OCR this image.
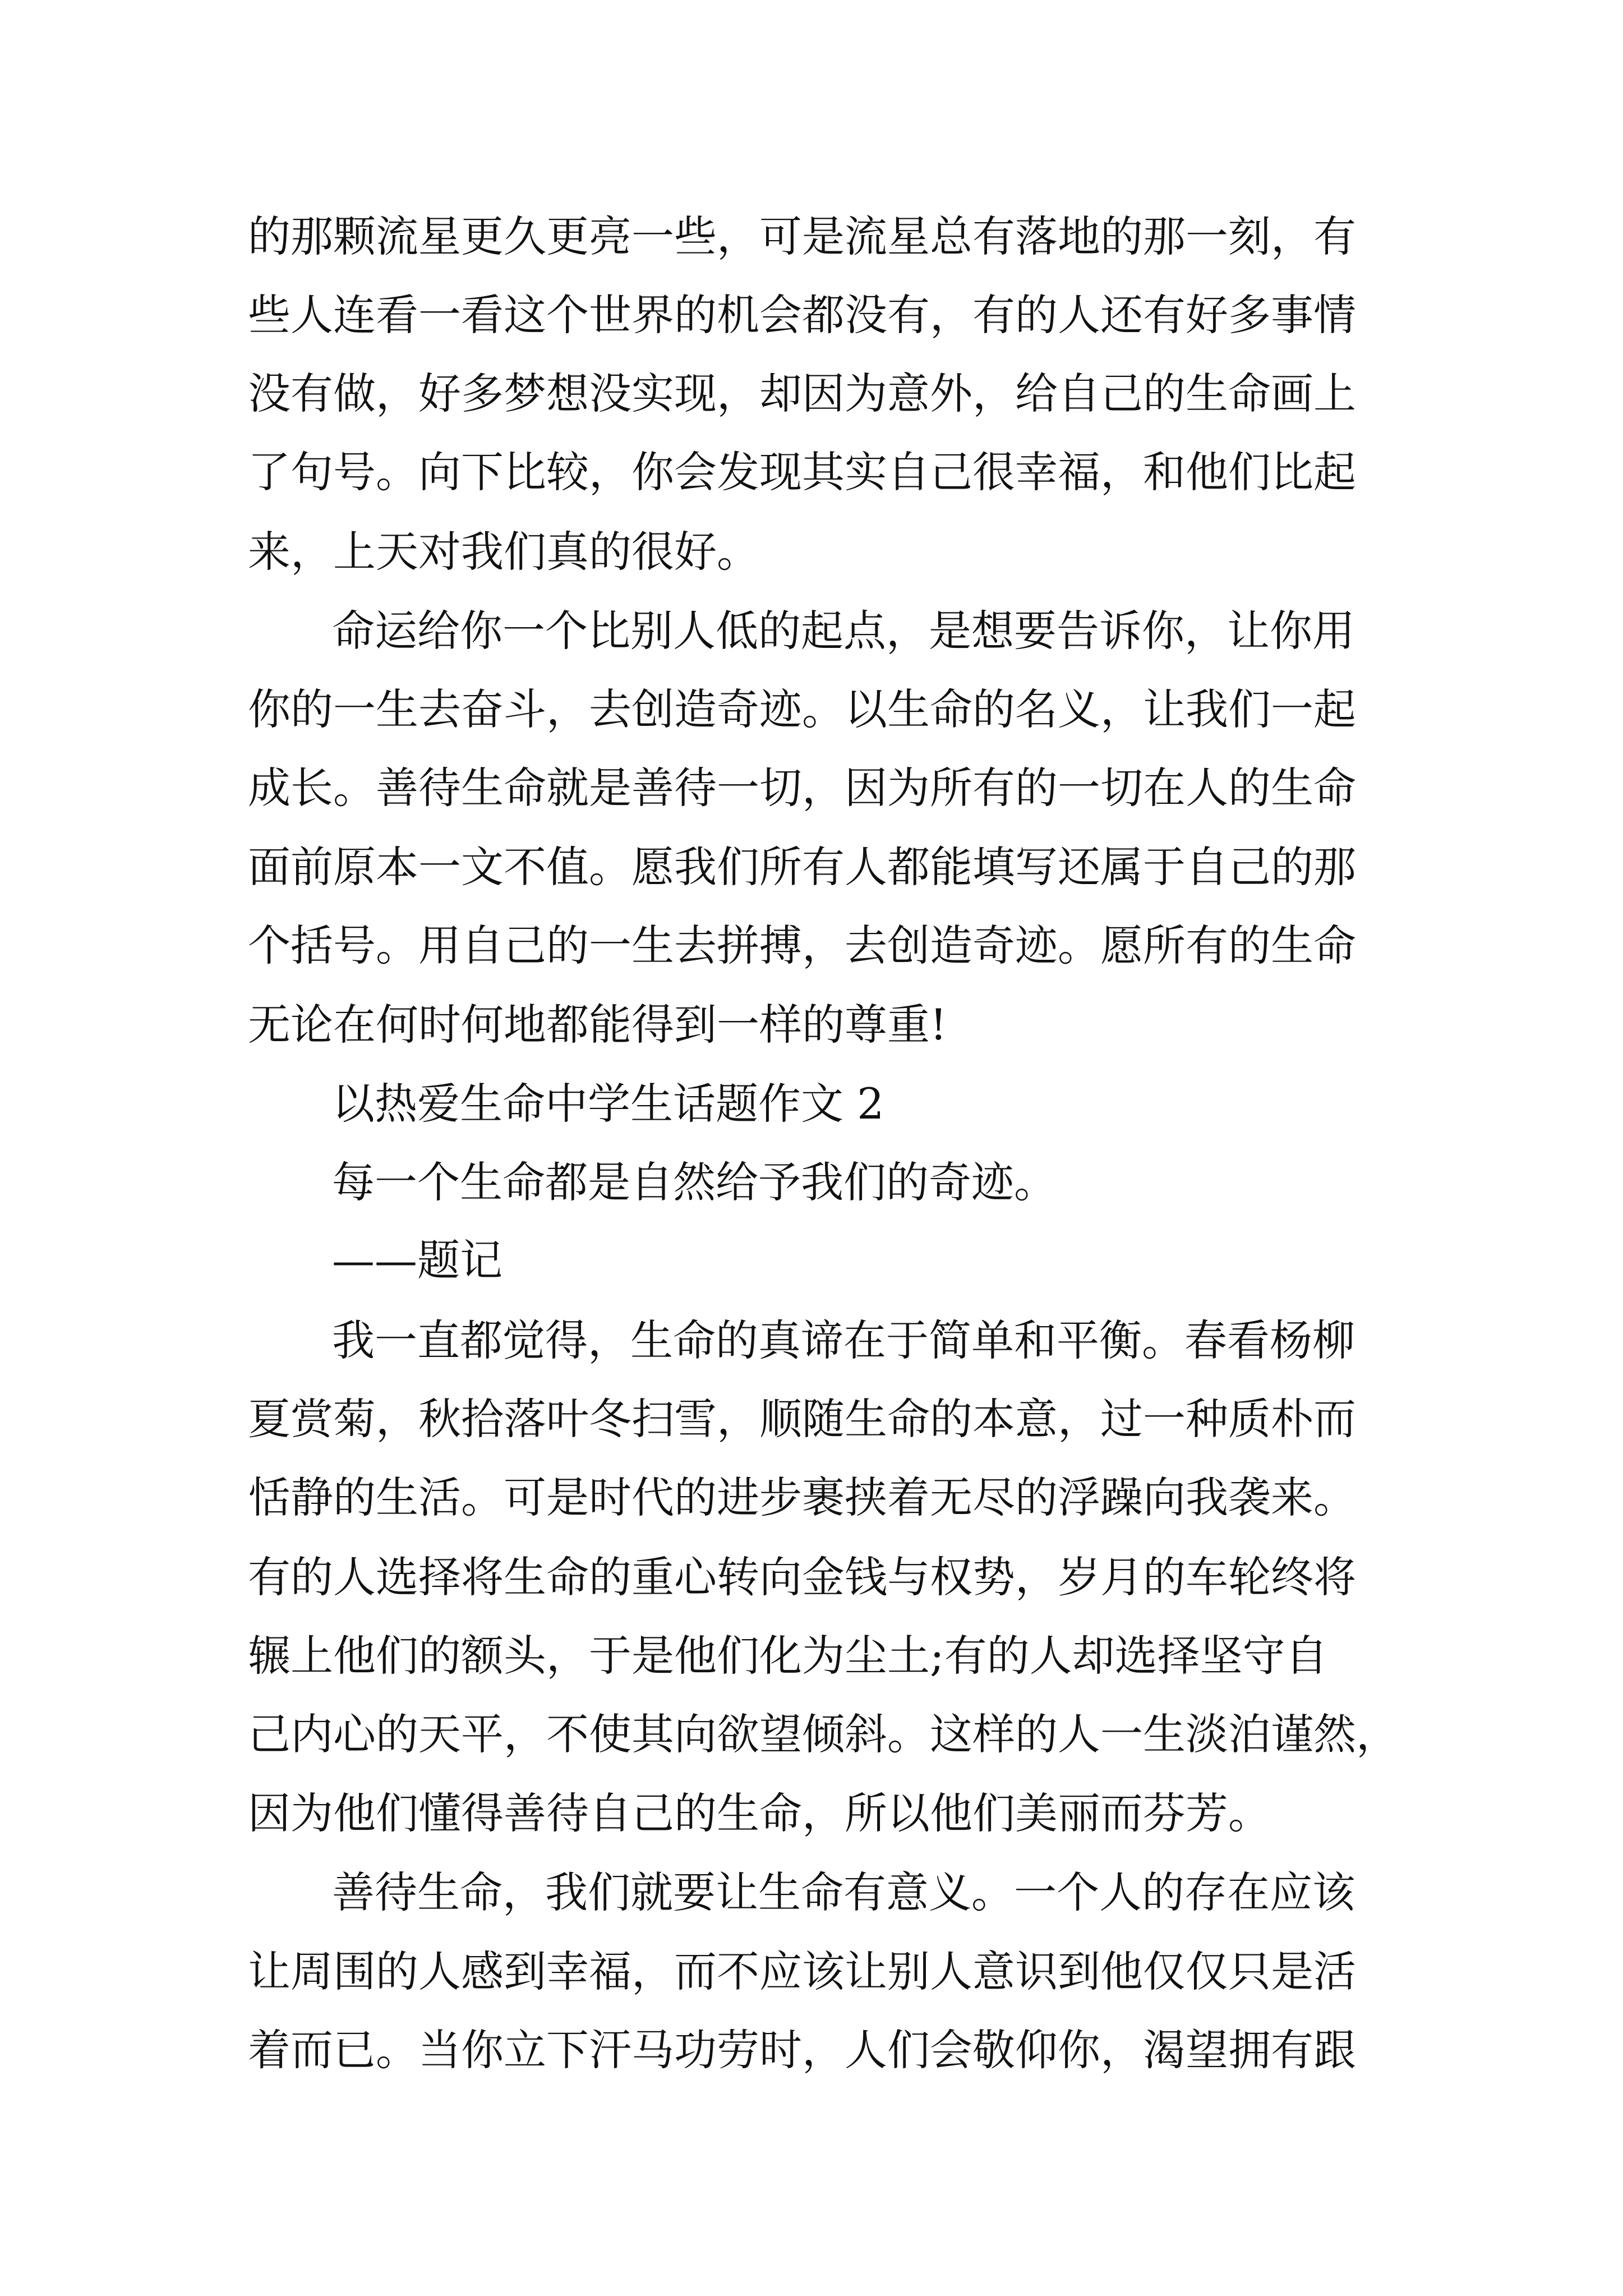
的那颗流星更久更亮一些，可是流星总有落地的那一刻，有
些人连看一看这个世界的机会都没有，有的人还有好多事情
没有做，好多梦想没实现，却因为意外，给自己的生命画上
了句号。向下比较，你会发现其实自己很幸福，和他们比起
来，上天对我们真的很好。
命运给你一个比别人低的起点，是想要告诉你，让你用
你的一生去奋斗，去创造奇迹。以生命的名义，让我们一起
成长。善待生命就是善待一切，因为所有的一切在人的生命
面前原本一文不值。愿我们所有人都能填写还属于自己的那
个括号。用自己的一生去拼搏，去创造奇迹。愿所有的生命
无论在何时何地都能得到一样的尊重!
以热爱生命中学生话题作文 2
每一个生命都是自然给予我们的奇迹。
——题记
我一直都觉得，生命的真谛在于简单和平衡。春看杨柳
夏赏菊，秋拾落叶冬扫雪，顺随生命的本意，过一种质朴而
恬静的生活。可是时代的进步裹挟着无尽的浮躁向我袭来。
有的人选择将生命的重心转向金钱与权势，岁月的车轮终将
辗上他们的额头，于是他们化为尘土;有的人却选择坚守自
己内心的天平，不使其向欲望倾斜。这样的人一生淡泊谨然，
因为他们懂得善待自己的生命，所以他们美丽而芬芳。
善待生命，我们就要让生命有意义。一个人的存在应该
让周围的人感到幸福，而不应该让别人意识到他仅仅只是活
着而已。当你立下汗马功劳时，人们会敬仰你，渴望拥有跟
